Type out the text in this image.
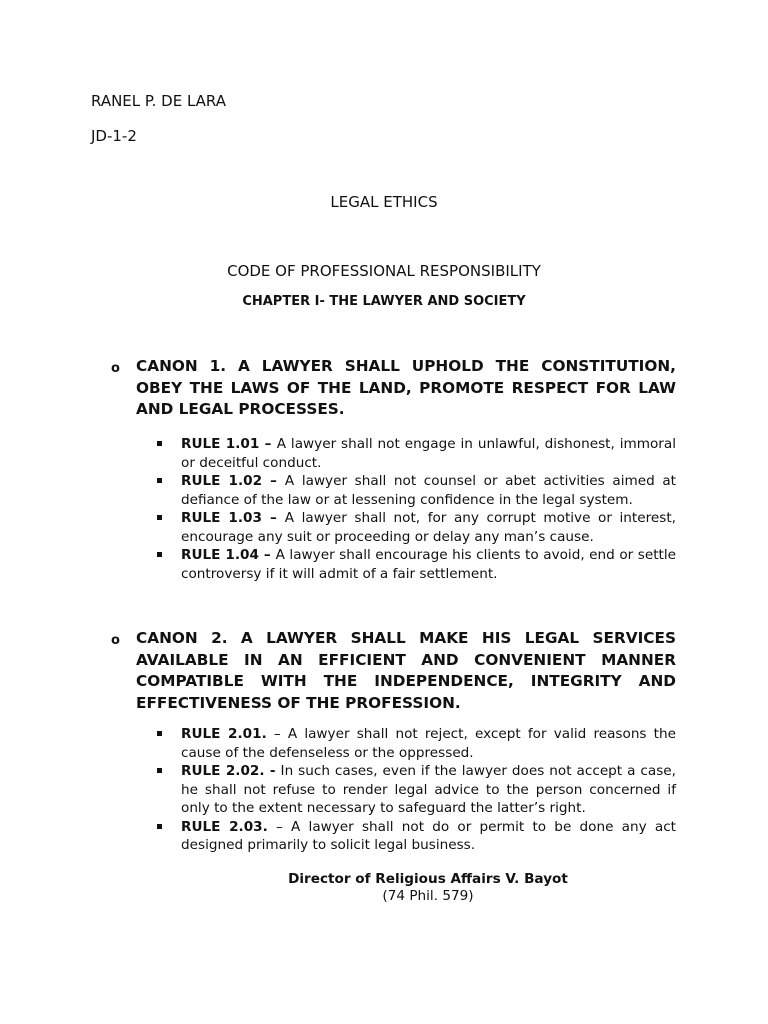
RANEL P. DE LARA

JD-1-2

LEGAL ETHICS

CODE OF PROFESSIONAL RESPONSIBILITY

CHAPTER I- THE LAWYER AND SOCIETY

o CANON 1. A LAWYER SHALL UPHOLD THE CONSTITUTION, OBEY THE LAWS OF THE LAND, PROMOTE RESPECT FOR LAW AND LEGAL PROCESSES.
RULE 1.01 – A lawyer shall not engage in unlawful, dishonest, immoral or deceitful conduct.
RULE 1.02 – A lawyer shall not counsel or abet activities aimed at defiance of the law or at lessening confidence in the legal system.
RULE 1.03 – A lawyer shall not, for any corrupt motive or interest, encourage any suit or proceeding or delay any man’s cause.
RULE 1.04 – A lawyer shall encourage his clients to avoid, end or settle controversy if it will admit of a fair settlement.
o CANON 2. A LAWYER SHALL MAKE HIS LEGAL SERVICES AVAILABLE IN AN EFFICIENT AND CONVENIENT MANNER COMPATIBLE WITH THE INDEPENDENCE, INTEGRITY AND EFFECTIVENESS OF THE PROFESSION.
RULE 2.01. – A lawyer shall not reject, except for valid reasons the cause of the defenseless or the oppressed.
RULE 2.02. - In such cases, even if the lawyer does not accept a case, he shall not refuse to render legal advice to the person concerned if only to the extent necessary to safeguard the latter’s right.
RULE 2.03. – A lawyer shall not do or permit to be done any act designed primarily to solicit legal business.

Director of Religious Affairs V. Bayot

(74 Phil. 579)
